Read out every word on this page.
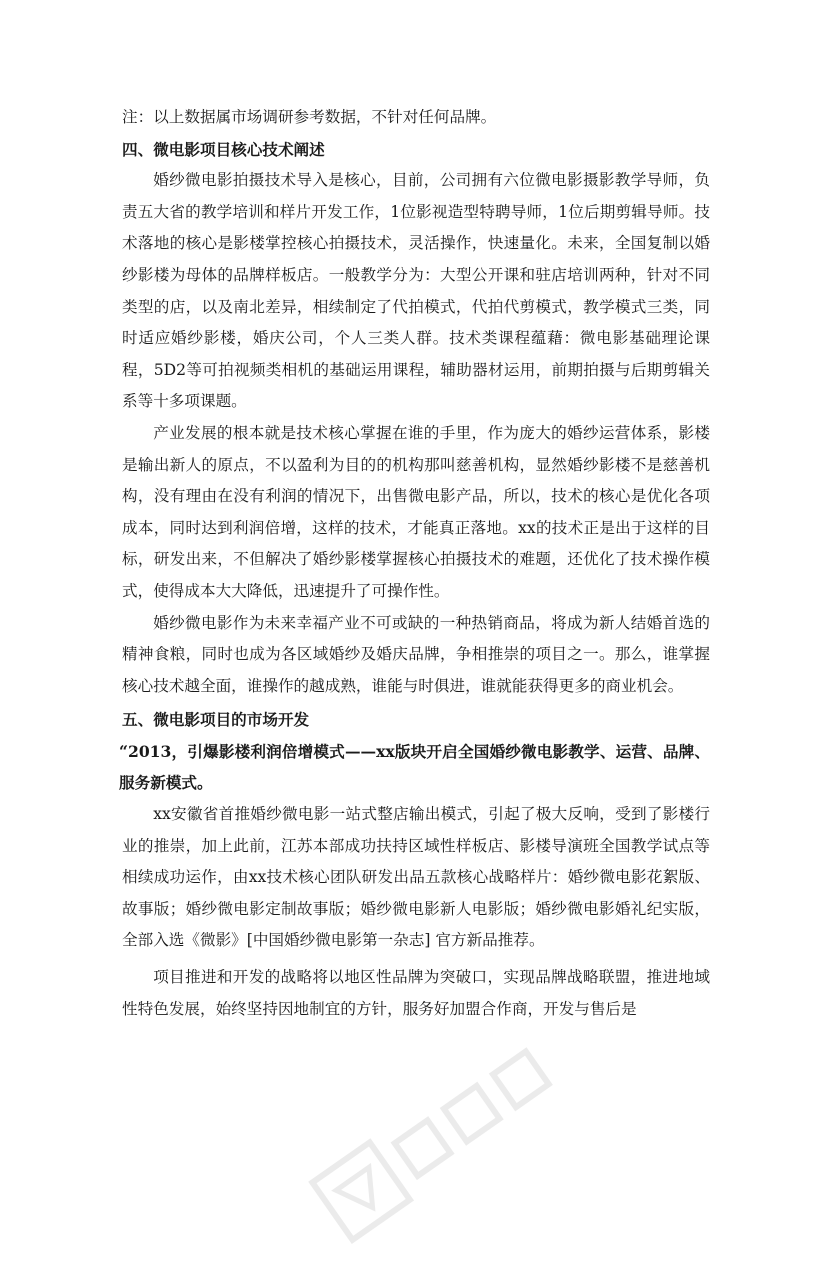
注：以上数据属市场调研参考数据，不针对任何品牌。

四、微电影项目核心技术阐述

婚纱微电影拍摄技术导入是核心，目前，公司拥有六位微电影摄影教学导师，负责五大省的教学培训和样片开发工作，1位影视造型特聘导师，1位后期剪辑导师。技术落地的核心是影楼掌控核心拍摄技术，灵活操作，快速量化。未来，全国复制以婚纱影楼为母体的品牌样板店。一般教学分为：大型公开课和驻店培训两种，针对不同类型的店，以及南北差异，相续制定了代拍模式，代拍代剪模式，教学模式三类，同时适应婚纱影楼，婚庆公司，个人三类人群。技术类课程蕴藉：微电影基础理论课程，5D2等可拍视频类相机的基础运用课程，辅助器材运用，前期拍摄与后期剪辑关系等十多项课题。

产业发展的根本就是技术核心掌握在谁的手里，作为庞大的婚纱运营体系，影楼是输出新人的原点，不以盈利为目的的机构那叫慈善机构，显然婚纱影楼不是慈善机构，没有理由在没有利润的情况下，出售微电影产品，所以，技术的核心是优化各项成本，同时达到利润倍增，这样的技术，才能真正落地。xx的技术正是出于这样的目标，研发出来，不但解决了婚纱影楼掌握核心拍摄技术的难题，还优化了技术操作模式，使得成本大大降低，迅速提升了可操作性。

婚纱微电影作为未来幸福产业不可或缺的一种热销商品，将成为新人结婚首选的精神食粮，同时也成为各区域婚纱及婚庆品牌，争相推崇的项目之一。那么，谁掌握核心技术越全面，谁操作的越成熟，谁能与时俱进，谁就能获得更多的商业机会。

五、微电影项目的市场开发

“2013，引爆影楼利润倍增模式——xx版块开启全国婚纱微电影教学、运营、品牌、服务新模式。

xx安徽省首推婚纱微电影一站式整店输出模式，引起了极大反响，受到了影楼行业的推崇，加上此前，江苏本部成功扶持区域性样板店、影楼导演班全国教学试点等相续成功运作，由xx技术核心团队研发出品五款核心战略样片：婚纱微电影花絮版、故事版；婚纱微电影定制故事版；婚纱微电影新人电影版；婚纱微电影婚礼纪实版，全部入选《微影》[中国婚纱微电影第一杂志] 官方新品推荐。

项目推进和开发的战略将以地区性品牌为突破口，实现品牌战略联盟，推进地域性特色发展，始终坚持因地制宜的方针，服务好加盟合作商，开发与售后是
